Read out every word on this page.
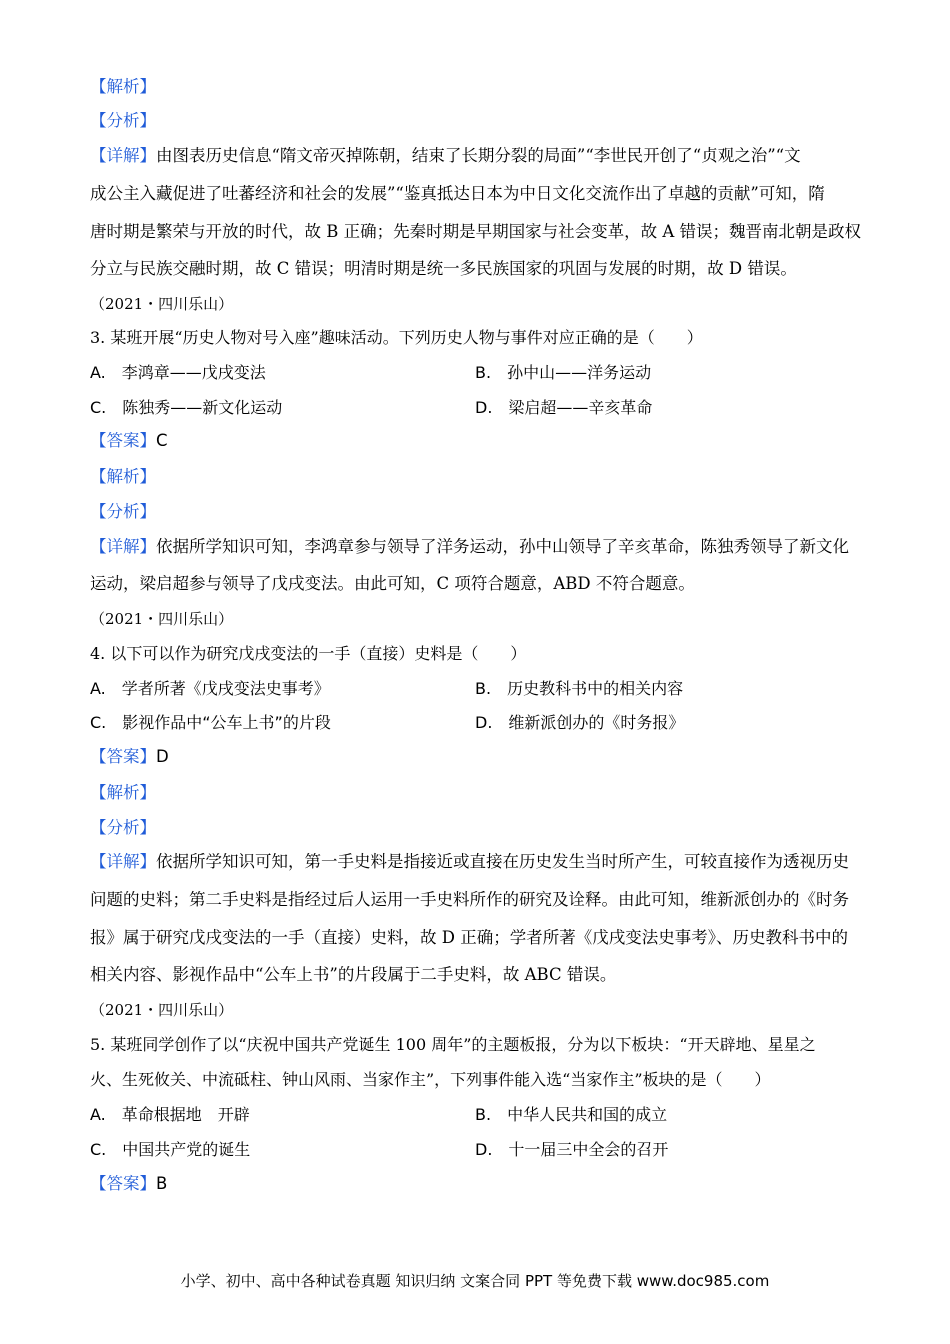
【解析】
【分析】
【详解】由图表历史信息“隋文帝灭掉陈朝，结束了长期分裂的局面”“李世民开创了“贞观之治”“文
成公主入藏促进了吐蕃经济和社会的发展”“鉴真抵达日本为中日文化交流作出了卓越的贡献”可知，隋
唐时期是繁荣与开放的时代，故 B 正确；先秦时期是早期国家与社会变革，故 A 错误；魏晋南北朝是政权
分立与民族交融时期，故 C 错误；明清时期是统一多民族国家的巩固与发展的时期，故 D 错误。
（2021・四川乐山）
3. 某班开展“历史人物对号入座”趣味活动。下列历史人物与事件对应正确的是（　　）
A.　李鸿章——戊戌变法	B.　孙中山——洋务运动
C.　陈独秀——新文化运动	D.　梁启超——辛亥革命
【答案】C
【解析】
【分析】
【详解】依据所学知识可知，李鸿章参与领导了洋务运动，孙中山领导了辛亥革命，陈独秀领导了新文化
运动，梁启超参与领导了戊戌变法。由此可知，C 项符合题意，ABD 不符合题意。
（2021・四川乐山）
4. 以下可以作为研究戊戌变法的一手（直接）史料是（　　）
A.　学者所著《戊戌变法史事考》	B.　历史教科书中的相关内容
C.　影视作品中“公车上书”的片段	D.　维新派创办的《时务报》
【答案】D
【解析】
【分析】
【详解】依据所学知识可知，第一手史料是指接近或直接在历史发生当时所产生，可较直接作为透视历史
问题的史料；第二手史料是指经过后人运用一手史料所作的研究及诠释。由此可知，维新派创办的《时务
报》属于研究戊戌变法的一手（直接）史料，故 D 正确；学者所著《戊戌变法史事考》、历史教科书中的
相关内容、影视作品中“公车上书”的片段属于二手史料，故 ABC 错误。
（2021・四川乐山）
5. 某班同学创作了以“庆祝中国共产党诞生 100 周年”的主题板报，分为以下板块：“开天辟地、星星之
火、生死攸关、中流砥柱、钟山风雨、当家作主”，下列事件能入选“当家作主”板块的是（　　）
A.　革命根据地　开辟	B.　中华人民共和国的成立
C.　中国共产党的诞生	D.　十一届三中全会的召开
【答案】B
小学、初中、高中各种试卷真题 知识归纳 文案合同 PPT 等免费下载 www.doc985.com
